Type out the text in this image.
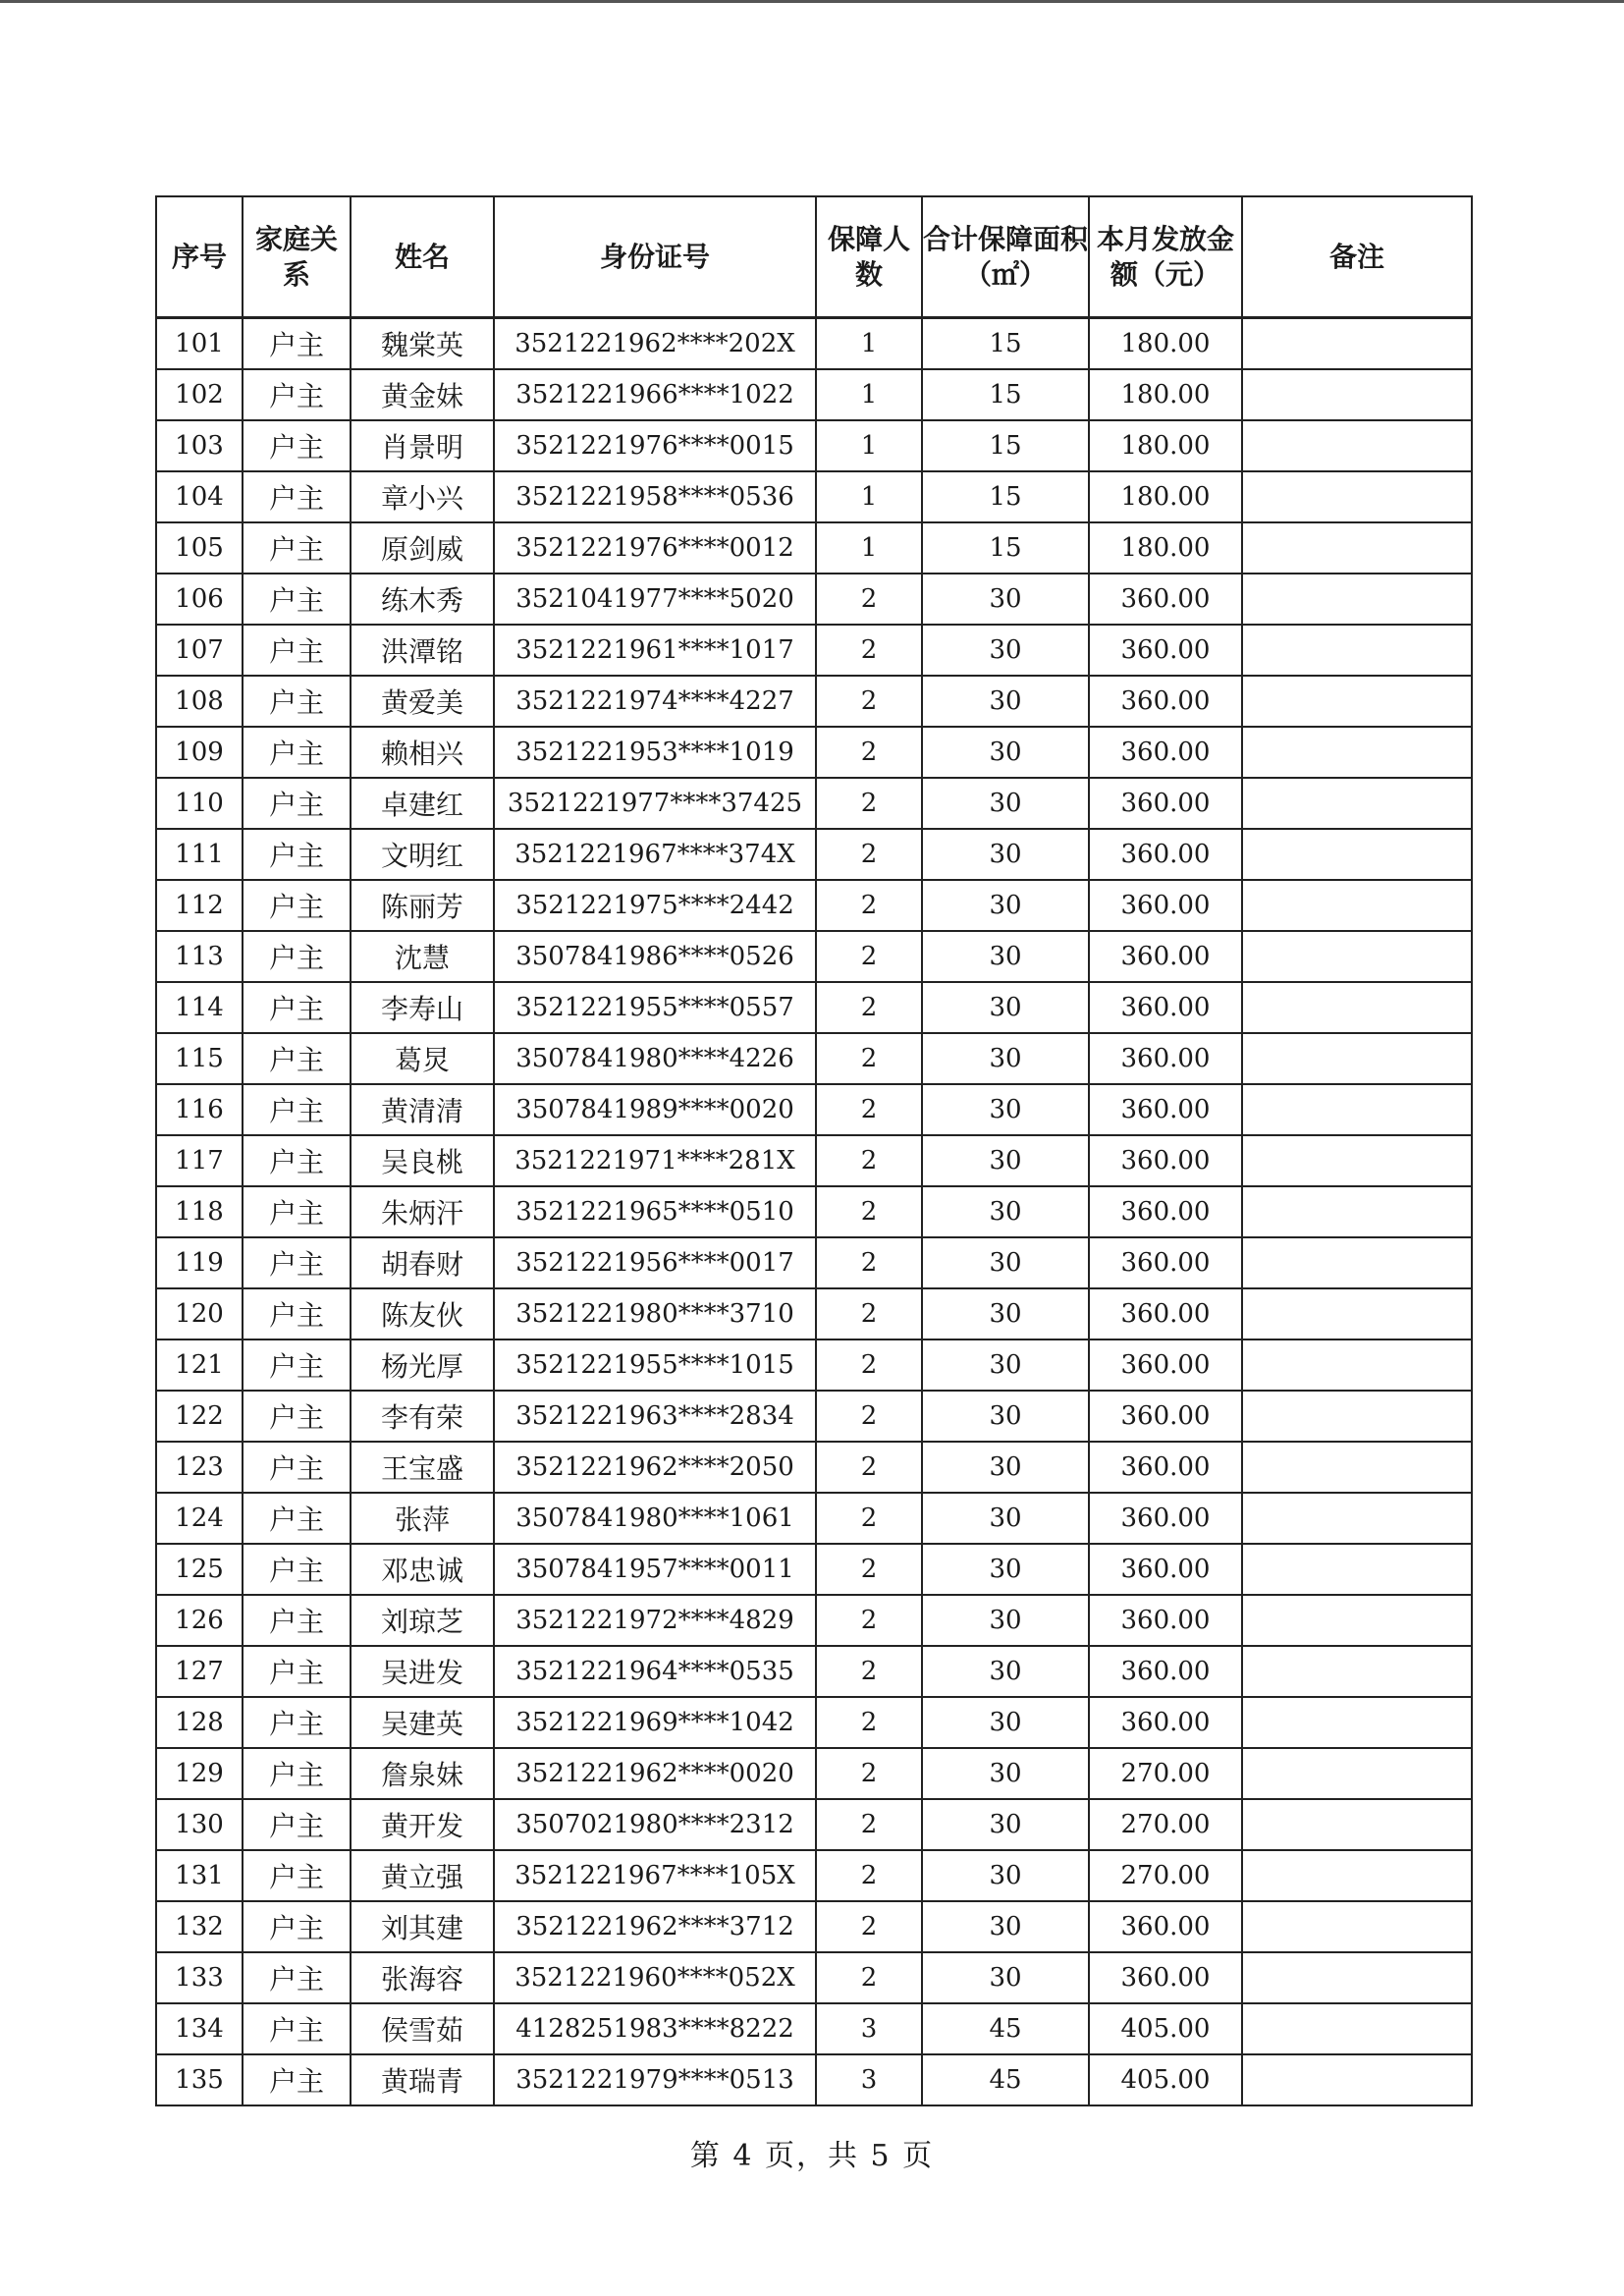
序号	家庭关系	姓名	身份证号	保障人数	合计保障面积（㎡）	本月发放金额（元）	备注
101	户主	魏棠英	3521221962****202X	1	15	180.00	
102	户主	黄金妹	3521221966****1022	1	15	180.00	
103	户主	肖景明	3521221976****0015	1	15	180.00	
104	户主	章小兴	3521221958****0536	1	15	180.00	
105	户主	原剑威	3521221976****0012	1	15	180.00	
106	户主	练木秀	3521041977****5020	2	30	360.00	
107	户主	洪潭铭	3521221961****1017	2	30	360.00	
108	户主	黄爱美	3521221974****4227	2	30	360.00	
109	户主	赖相兴	3521221953****1019	2	30	360.00	
110	户主	卓建红	3521221977****37425	2	30	360.00	
111	户主	文明红	3521221967****374X	2	30	360.00	
112	户主	陈丽芳	3521221975****2442	2	30	360.00	
113	户主	沈慧	3507841986****0526	2	30	360.00	
114	户主	李寿山	3521221955****0557	2	30	360.00	
115	户主	葛炅	3507841980****4226	2	30	360.00	
116	户主	黄清清	3507841989****0020	2	30	360.00	
117	户主	吴良桃	3521221971****281X	2	30	360.00	
118	户主	朱炳汗	3521221965****0510	2	30	360.00	
119	户主	胡春财	3521221956****0017	2	30	360.00	
120	户主	陈友伙	3521221980****3710	2	30	360.00	
121	户主	杨光厚	3521221955****1015	2	30	360.00	
122	户主	李有荣	3521221963****2834	2	30	360.00	
123	户主	王宝盛	3521221962****2050	2	30	360.00	
124	户主	张萍	3507841980****1061	2	30	360.00	
125	户主	邓忠诚	3507841957****0011	2	30	360.00	
126	户主	刘琼芝	3521221972****4829	2	30	360.00	
127	户主	吴进发	3521221964****0535	2	30	360.00	
128	户主	吴建英	3521221969****1042	2	30	360.00	
129	户主	詹泉妹	3521221962****0020	2	30	270.00	
130	户主	黄开发	3507021980****2312	2	30	270.00	
131	户主	黄立强	3521221967****105X	2	30	270.00	
132	户主	刘其建	3521221962****3712	2	30	360.00	
133	户主	张海容	3521221960****052X	2	30	360.00	
134	户主	侯雪茹	4128251983****8222	3	45	405.00	
135	户主	黄瑞青	3521221979****0513	3	45	405.00	
第 4 页，共 5 页
